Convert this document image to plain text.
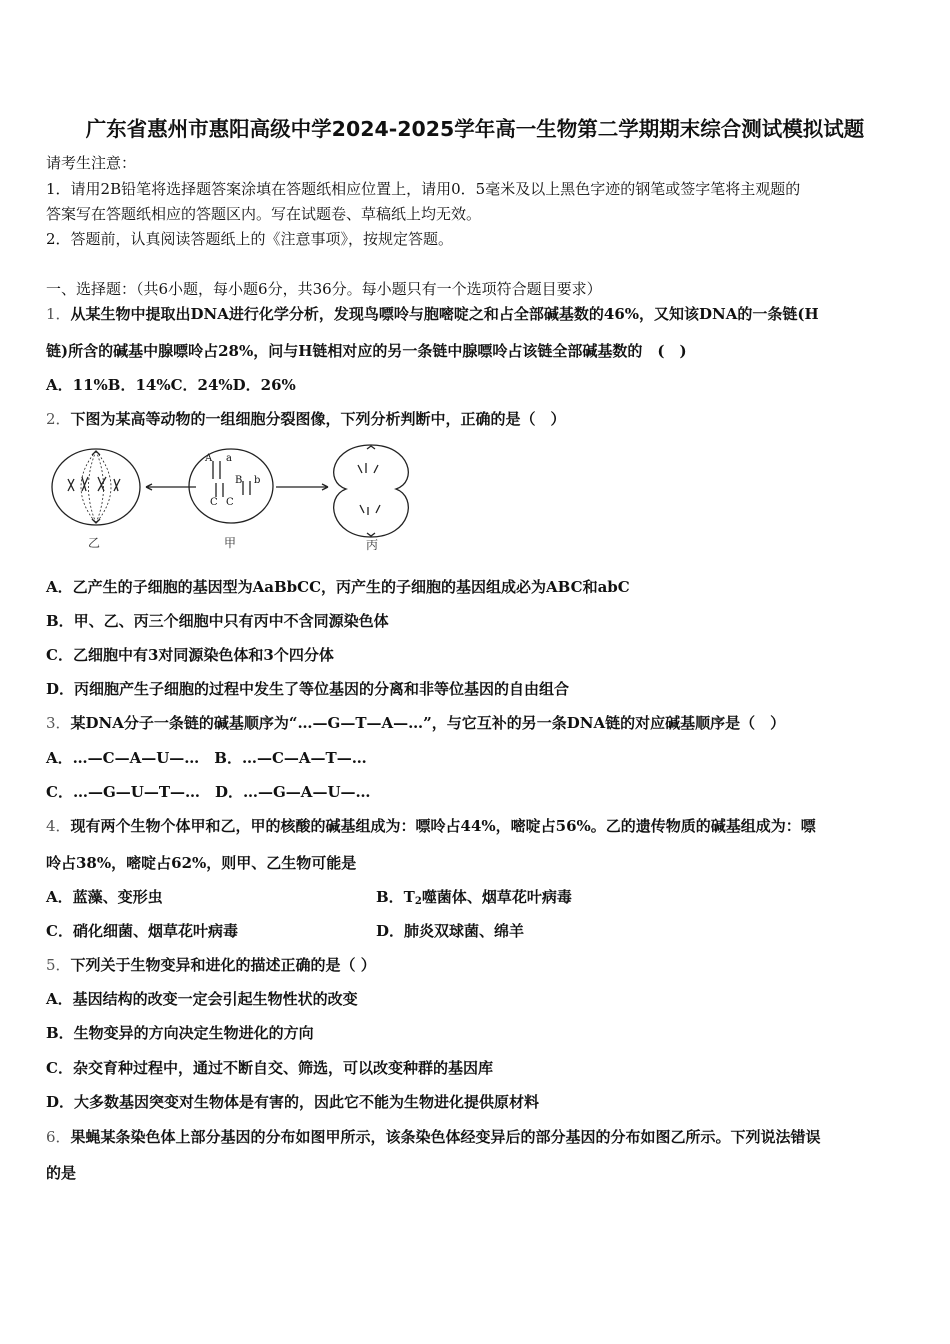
广东省惠州市惠阳高级中学2024-2025学年高一生物第二学期期末综合测试模拟试题
请考生注意：
1．请用2B铅笔将选择题答案涂填在答题纸相应位置上，请用0．5毫米及以上黑色字迹的钢笔或签字笔将主观题的
答案写在答题纸相应的答题区内。写在试题卷、草稿纸上均无效。
2．答题前，认真阅读答题纸上的《注意事项》，按规定答题。
一、选择题：（共6小题，每小题6分，共36分。每小题只有一个选项符合题目要求）
1．从某生物中提取出DNA进行化学分析，发现鸟嘌呤与胞嘧啶之和占全部碱基数的46%，又知该DNA的一条链(H
链)所含的碱基中腺嘌呤占28%，问与H链相对应的另一条链中腺嘌呤占该链全部碱基数的　(　)
A．11%B．14%C．24%D．26%
2．下图为某高等动物的一组细胞分裂图像，下列分析判断中，正确的是（　）
A a
B b
C C
乙	甲	丙
A．乙产生的子细胞的基因型为AaBbCC，丙产生的子细胞的基因组成必为ABC和abC
B．甲、乙、丙三个细胞中只有丙中不含同源染色体
C．乙细胞中有3对同源染色体和3个四分体
D．丙细胞产生子细胞的过程中发生了等位基因的分离和非等位基因的自由组合
3．某DNA分子一条链的碱基顺序为“…—G—T—A—…”，与它互补的另一条DNA链的对应碱基顺序是（　）
A．…—C—A—U—…　B．…—C—A—T—…
C．…—G—U—T—…　D．…—G—A—U—…
4．现有两个生物个体甲和乙，甲的核酸的碱基组成为：嘌呤占44%，嘧啶占56%。乙的遗传物质的碱基组成为：嘌
呤占38%，嘧啶占62%，则甲、乙生物可能是
A．蓝藻、变形虫	B．T2噬菌体、烟草花叶病毒
C．硝化细菌、烟草花叶病毒	D．肺炎双球菌、绵羊
5．下列关于生物变异和进化的描述正确的是（ ）
A．基因结构的改变一定会引起生物性状的改变
B．生物变异的方向决定生物进化的方向
C．杂交育种过程中，通过不断自交、筛选，可以改变种群的基因库
D．大多数基因突变对生物体是有害的，因此它不能为生物进化提供原材料
6．果蝇某条染色体上部分基因的分布如图甲所示，该条染色体经变异后的部分基因的分布如图乙所示。下列说法错误
的是
